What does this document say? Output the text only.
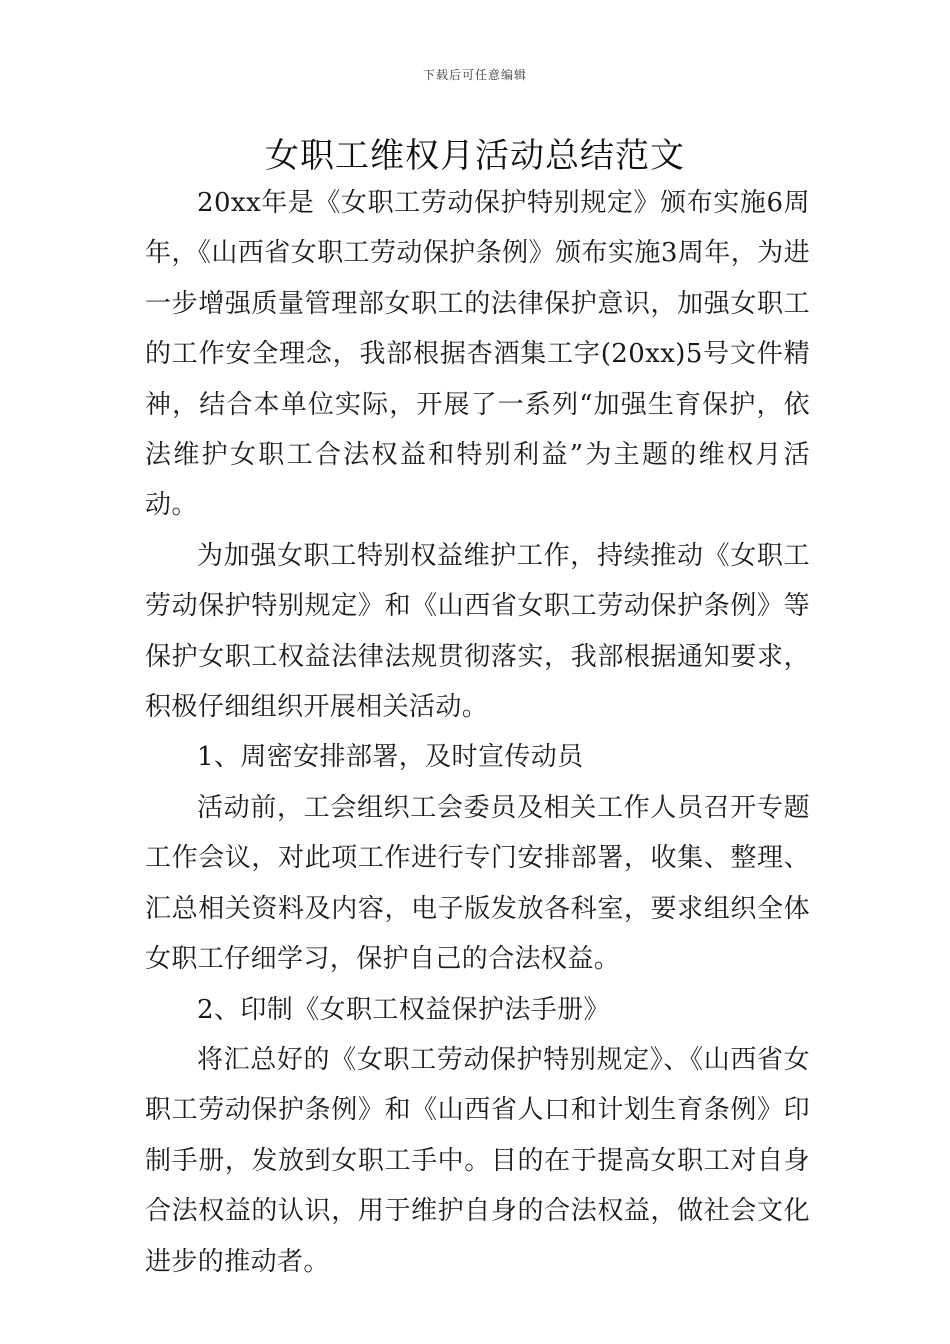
下载后可任意编辑
女职工维权月活动总结范文

20xx年是《女职工劳动保护特别规定》颁布实施6周年，《山西省女职工劳动保护条例》颁布实施3周年，为进一步增强质量管理部女职工的法律保护意识，加强女职工的工作安全理念，我部根据杏酒集工字(20xx)5号文件精神，结合本单位实际，开展了一系列“加强生育保护，依法维护女职工合法权益和特别利益”为主题的维权月活动。

为加强女职工特别权益维护工作，持续推动《女职工劳动保护特别规定》和《山西省女职工劳动保护条例》等保护女职工权益法律法规贯彻落实，我部根据通知要求，积极仔细组织开展相关活动。

1、周密安排部署，及时宣传动员

活动前，工会组织工会委员及相关工作人员召开专题工作会议，对此项工作进行专门安排部署，收集、整理、汇总相关资料及内容，电子版发放各科室，要求组织全体女职工仔细学习，保护自己的合法权益。

2、印制《女职工权益保护法手册》

将汇总好的《女职工劳动保护特别规定》、《山西省女职工劳动保护条例》和《山西省人口和计划生育条例》印制手册，发放到女职工手中。目的在于提高女职工对自身合法权益的认识，用于维护自身的合法权益，做社会文化进步的推动者。
